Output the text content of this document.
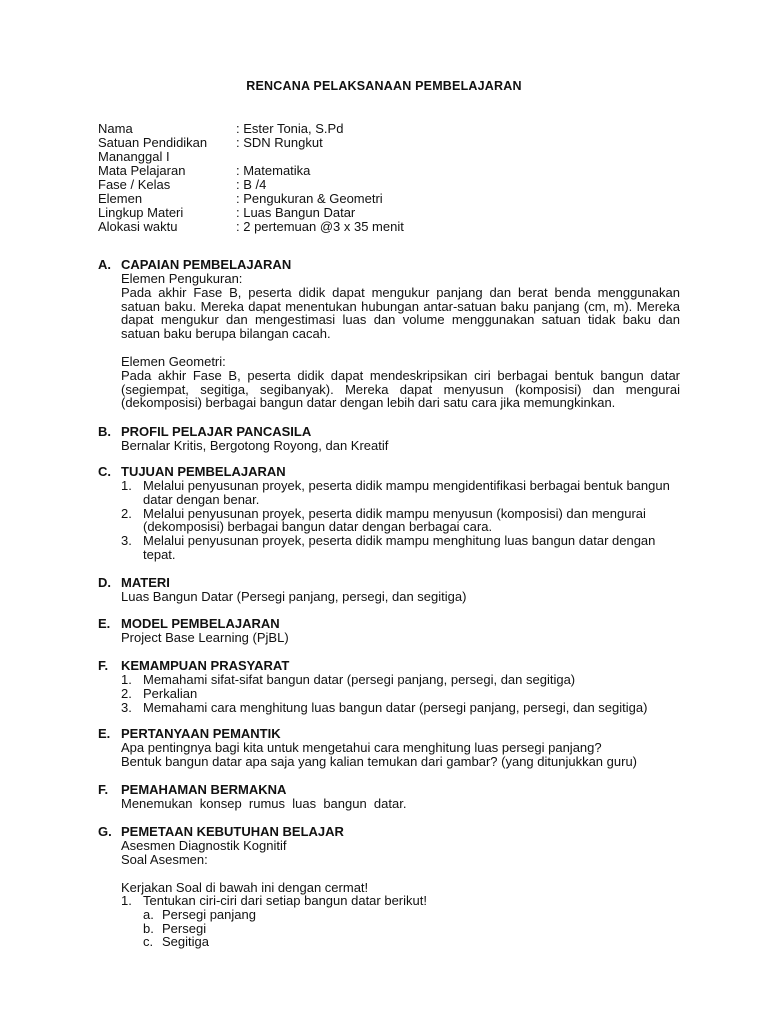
RENCANA PELAKSANAAN PEMBELAJARAN
Nama	: Ester Tonia, S.Pd
Satuan Pendidikan : SDN Rungkut
Mananggal I
Mata Pelajaran	: Matematika
Fase / Kelas	: B /4
Elemen	: Pengukuran & Geometri
Lingkup Materi	: Luas Bangun Datar
Alokasi waktu	: 2 pertemuan @3 x 35 menit
A. CAPAIAN PEMBELAJARAN
Elemen Pengukuran:

Pada akhir Fase B, peserta didik dapat mengukur panjang dan berat benda menggunakan satuan baku. Mereka dapat menentukan hubungan antar-satuan baku panjang (cm, m). Mereka dapat mengukur dan mengestimasi luas dan volume menggunakan satuan tidak baku dan satuan baku berupa bilangan cacah.

Elemen Geometri:

Pada akhir Fase B, peserta didik dapat mendeskripsikan ciri berbagai bentuk bangun datar (segiempat, segitiga, segibanyak). Mereka dapat menyusun (komposisi) dan mengurai (dekomposisi) berbagai bangun datar dengan lebih dari satu cara jika memungkinkan.

B. PROFIL PELAJAR PANCASILA
Bernalar Kritis, Bergotong Royong, dan Kreatif
C. TUJUAN PEMBELAJARAN
1. Melalui penyusunan proyek, peserta didik mampu mengidentifikasi berbagai bentuk bangun datar dengan benar.
2. Melalui penyusunan proyek, peserta didik mampu menyusun (komposisi) dan mengurai (dekomposisi) berbagai bangun datar dengan berbagai cara.
3. Melalui penyusunan proyek, peserta didik mampu menghitung luas bangun datar dengan tepat.
D. MATERI
Luas Bangun Datar (Persegi panjang, persegi, dan segitiga)
E. MODEL PEMBELAJARAN
Project Base Learning (PjBL)
F. KEMAMPUAN PRASYARAT
1. Memahami sifat-sifat bangun datar (persegi panjang, persegi, dan segitiga)
2. Perkalian
3. Memahami cara menghitung luas bangun datar (persegi panjang, persegi, dan segitiga)
E. PERTANYAAN PEMANTIK
Apa pentingnya bagi kita untuk mengetahui cara menghitung luas persegi panjang?
Bentuk bangun datar apa saja yang kalian temukan dari gambar? (yang ditunjukkan guru)
F. PEMAHAMAN BERMAKNA
Menemukan  konsep  rumus  luas  bangun  datar.
G. PEMETAAN KEBUTUHAN BELAJAR
Asesmen Diagnostik Kognitif
Soal Asesmen:
Kerjakan Soal di bawah ini dengan cermat!
1. Tentukan ciri-ciri dari setiap bangun datar berikut!
a. Persegi panjang
b. Persegi
c. Segitiga
